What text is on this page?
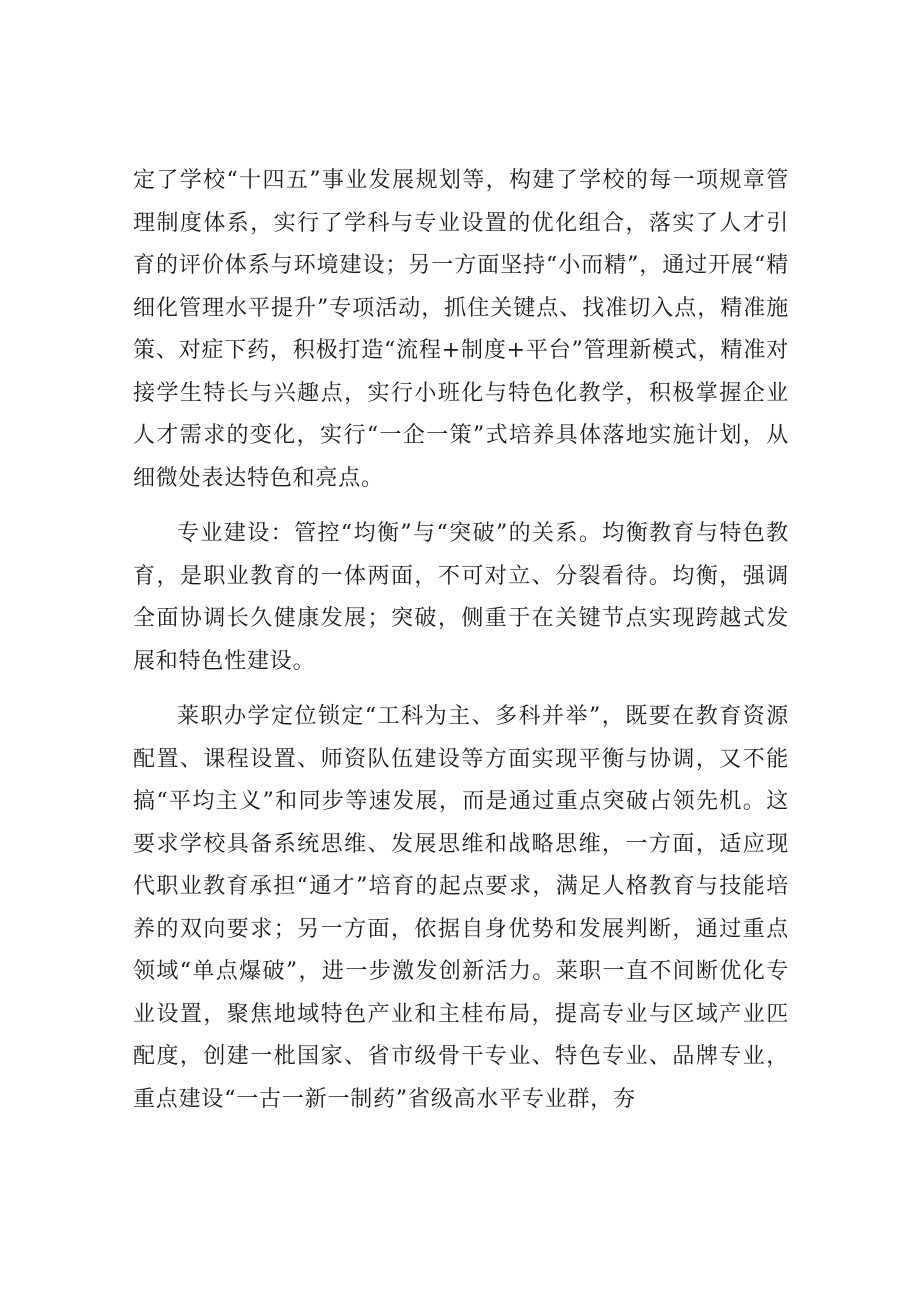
定了学校“十四五”事业发展规划等，构建了学校的每一项规章管理制度体系，实行了学科与专业设置的优化组合，落实了人才引育的评价体系与环境建设；另一方面坚持“小而精”，通过开展“精细化管理水平提升”专项活动，抓住关键点、找准切入点，精准施策、对症下药，积极打造“流程+制度+平台”管理新模式，精准对接学生特长与兴趣点，实行小班化与特色化教学，积极掌握企业人才需求的变化，实行“一企一策”式培养具体落地实施计划，从细微处表达特色和亮点。

专业建设：管控“均衡”与“突破”的关系。均衡教育与特色教育，是职业教育的一体两面，不可对立、分裂看待。均衡，强调全面协调长久健康发展；突破，侧重于在关键节点实现跨越式发展和特色性建设。

莱职办学定位锁定“工科为主、多科并举”，既要在教育资源配置、课程设置、师资队伍建设等方面实现平衡与协调，又不能搞“平均主义”和同步等速发展，而是通过重点突破占领先机。这要求学校具备系统思维、发展思维和战略思维，一方面，适应现代职业教育承担“通才”培育的起点要求，满足人格教育与技能培养的双向要求；另一方面，依据自身优势和发展判断，通过重点领域“单点爆破”，进一步激发创新活力。莱职一直不间断优化专业设置，聚焦地域特色产业和主桂布局，提高专业与区域产业匹配度，创建一枇国家、省市级骨干专业、特色专业、品牌专业，重点建设“一古一新一制药”省级高水平专业群，夯
